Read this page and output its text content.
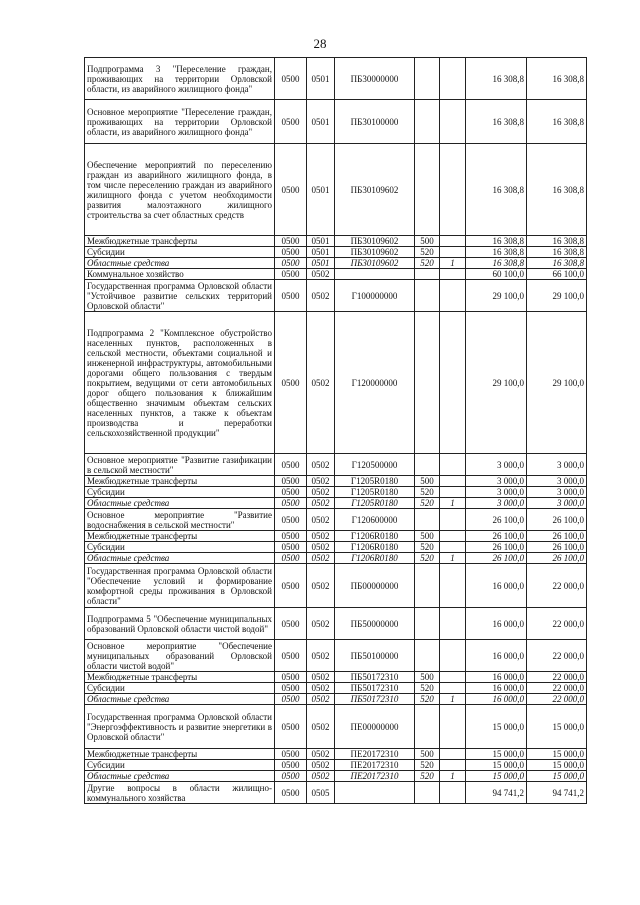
28
Подпрограмма 3 "Переселение граждан, проживающих на территории Орловской области, из аварийного жилищного фонда"	0500	0501	ПБ30000000			16 308,8	16 308,8
Основное мероприятие "Переселение граждан, проживающих на территории Орловской области, из аварийного жилищного фонда"	0500	0501	ПБ30100000			16 308,8	16 308,8
Обеспечение мероприятий по переселению граждан из аварийного жилищного фонда, в том числе переселению граждан из аварийного жилищного фонда с учетом необходимости развития малоэтажного жилищного строительства за счет областных средств	0500	0501	ПБ30109602			16 308,8	16 308,8
Межбюджетные трансферты	0500	0501	ПБ30109602	500		16 308,8	16 308,8
Субсидии	0500	0501	ПБ30109602	520		16 308,8	16 308,8
Областные средства	0500	0501	ПБ30109602	520	1	16 308,8	16 308,8
Коммунальное хозяйство	0500	0502				60 100,0	66 100,0
Государственная программа Орловской области "Устойчивое развитие сельских территорий Орловской области"	0500	0502	Г100000000			29 100,0	29 100,0
Подпрограмма 2 "Комплексное обустройство населенных пунктов, расположенных в сельской местности, объектами социальной и инженерной инфраструктуры, автомобильными дорогами общего пользования с твердым покрытием, ведущими от сети автомобильных дорог общего пользования к ближайшим общественно значимым объектам сельских населенных пунктов, а также к объектам производства и переработки сельскохозяйственной продукции"	0500	0502	Г120000000			29 100,0	29 100,0
Основное мероприятие "Развитие газификации в сельской местности"	0500	0502	Г120500000			3 000,0	3 000,0
Межбюджетные трансферты	0500	0502	Г1205R0180	500		3 000,0	3 000,0
Субсидии	0500	0502	Г1205R0180	520		3 000,0	3 000,0
Областные средства	0500	0502	Г1205R0180	520	1	3 000,0	3 000,0
Основное мероприятие "Развитие водоснабжения в сельской местности"	0500	0502	Г120600000			26 100,0	26 100,0
Межбюджетные трансферты	0500	0502	Г1206R0180	500		26 100,0	26 100,0
Субсидии	0500	0502	Г1206R0180	520		26 100,0	26 100,0
Областные средства	0500	0502	Г1206R0180	520	1	26 100,0	26 100,0
Государственная программа Орловской области "Обеспечение условий и формирование комфортной среды проживания в Орловской области"	0500	0502	ПБ00000000			16 000,0	22 000,0
Подпрограмма 5 "Обеспечение муниципальных образований Орловской области чистой водой"	0500	0502	ПБ50000000			16 000,0	22 000,0
Основное мероприятие "Обеспечение муниципальных образований Орловской области чистой водой"	0500	0502	ПБ50100000			16 000,0	22 000,0
Межбюджетные трансферты	0500	0502	ПБ50172310	500		16 000,0	22 000,0
Субсидии	0500	0502	ПБ50172310	520		16 000,0	22 000,0
Областные средства	0500	0502	ПБ50172310	520	1	16 000,0	22 000,0
Государственная программа Орловской области "Энергоэффективность и развитие энергетики в Орловской области"	0500	0502	ПЕ00000000			15 000,0	15 000,0
Межбюджетные трансферты	0500	0502	ПЕ20172310	500		15 000,0	15 000,0
Субсидии	0500	0502	ПЕ20172310	520		15 000,0	15 000,0
Областные средства	0500	0502	ПЕ20172310	520	1	15 000,0	15 000,0
Другие вопросы в области жилищно-коммунального хозяйства	0500	0505				94 741,2	94 741,2
